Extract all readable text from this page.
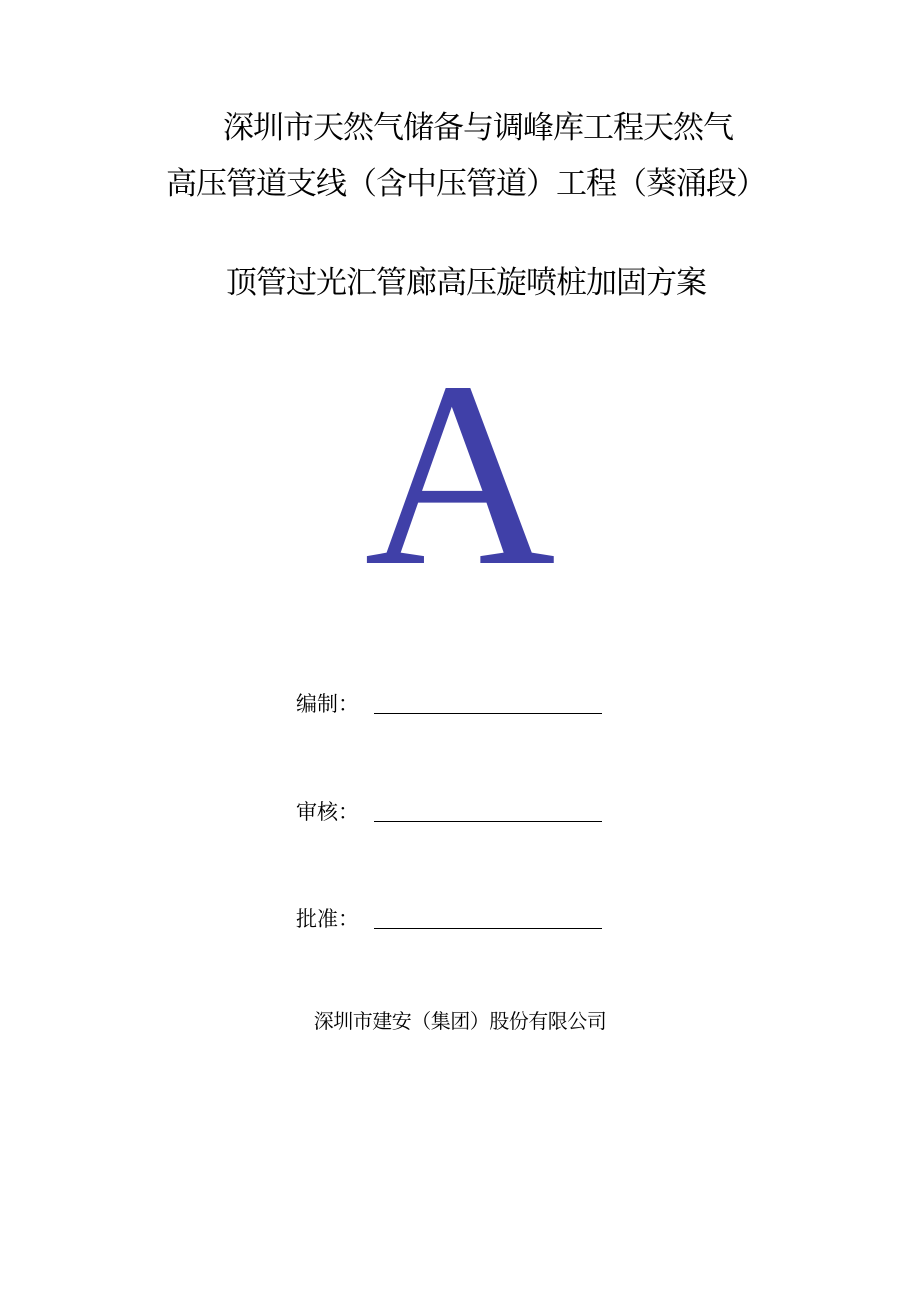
深圳市天然气储备与调峰库工程天然气
高压管道支线（含中压管道）工程（葵涌段）
顶管过光汇管廊高压旋喷桩加固方案
A
编制：
审核：
批准：
深圳市建安（集团）股份有限公司
